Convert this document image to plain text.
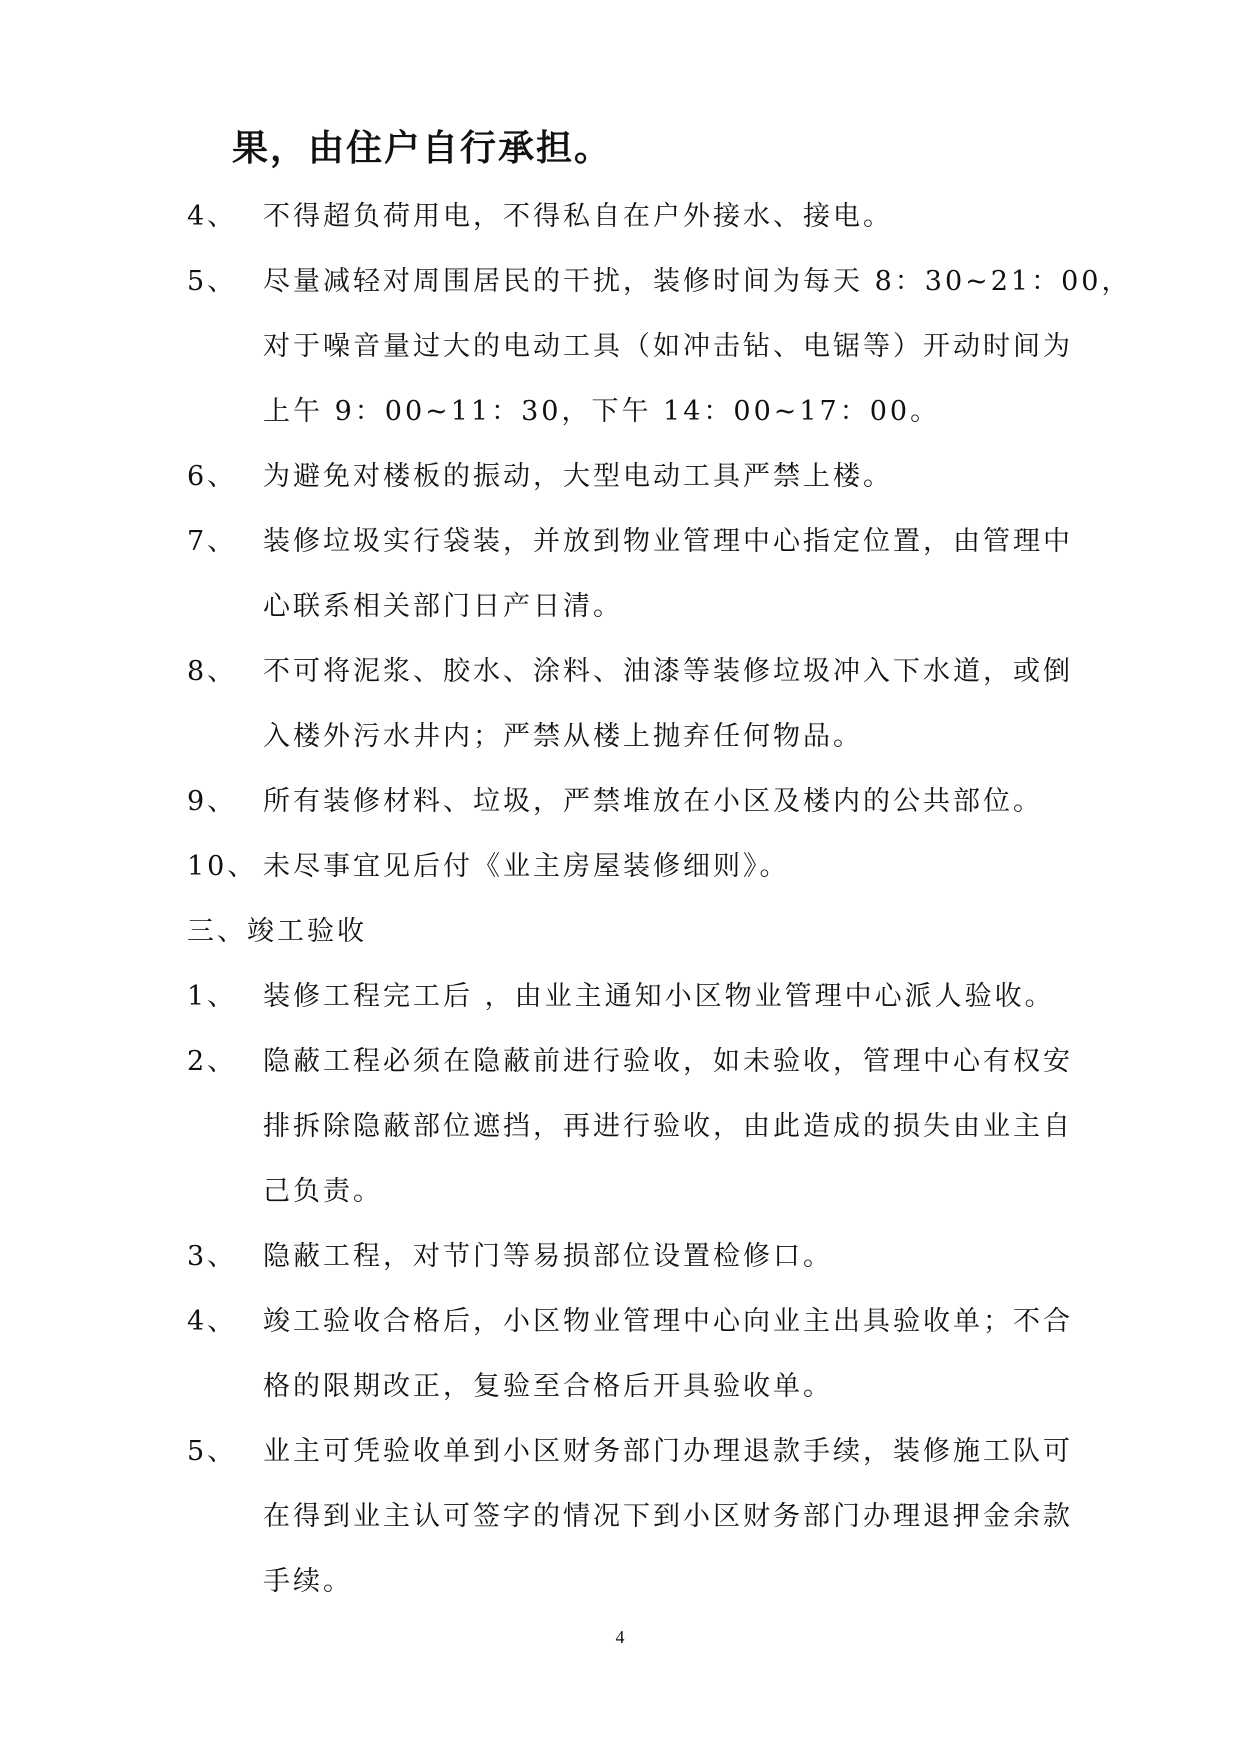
果，由住户自行承担。
4、 不得超负荷用电，不得私自在户外接水、接电。
5、 尽量减轻对周围居民的干扰，装修时间为每天 8：30~21：00，
对于噪音量过大的电动工具（如冲击钻、电锯等）开动时间为
上午 9：00~11：30，下午 14：00~17：00。
6、 为避免对楼板的振动，大型电动工具严禁上楼。
7、 装修垃圾实行袋装，并放到物业管理中心指定位置，由管理中
心联系相关部门日产日清。
8、 不可将泥浆、胶水、涂料、油漆等装修垃圾冲入下水道，或倒
入楼外污水井内；严禁从楼上抛弃任何物品。
9、 所有装修材料、垃圾，严禁堆放在小区及楼内的公共部位。
10、 未尽事宜见后付《业主房屋装修细则》。
三、竣工验收
1、 装修工程完工后 ，由业主通知小区物业管理中心派人验收。
2、 隐蔽工程必须在隐蔽前进行验收，如未验收，管理中心有权安
排拆除隐蔽部位遮挡，再进行验收，由此造成的损失由业主自
己负责。
3、 隐蔽工程，对节门等易损部位设置检修口。
4、 竣工验收合格后，小区物业管理中心向业主出具验收单；不合
格的限期改正，复验至合格后开具验收单。
5、 业主可凭验收单到小区财务部门办理退款手续，装修施工队可
在得到业主认可签字的情况下到小区财务部门办理退押金余款
手续。
4
